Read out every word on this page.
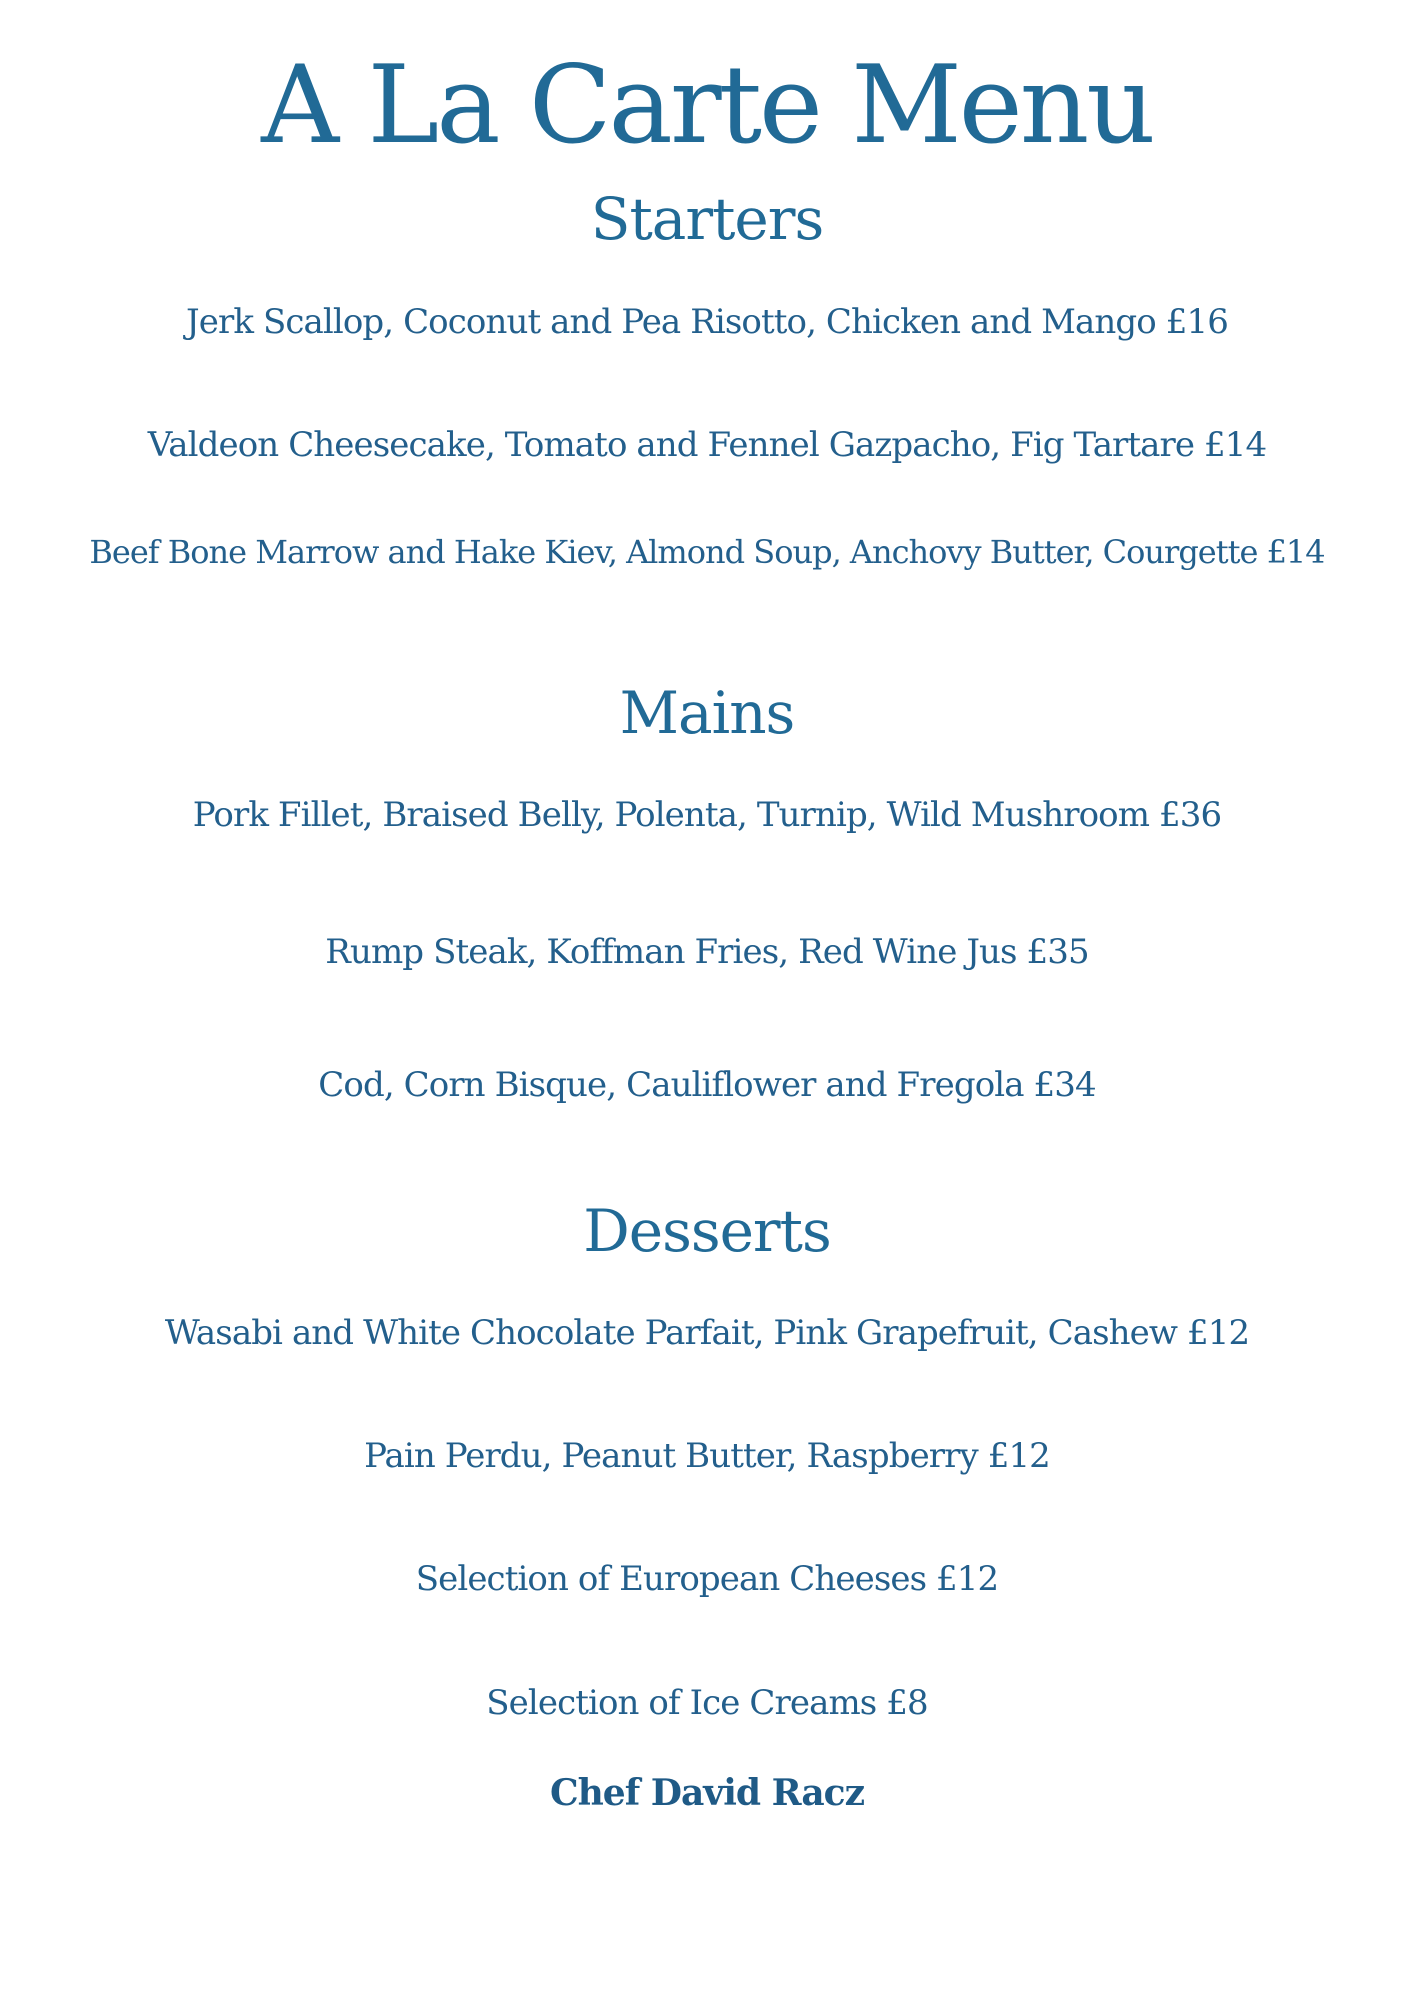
A La Carte Menu
Starters
Jerk Scallop, Coconut and Pea Risotto, Chicken and Mango £16
Valdeon Cheesecake, Tomato and Fennel Gazpacho, Fig Tartare £14
Beef Bone Marrow and Hake Kiev, Almond Soup, Anchovy Butter, Courgette £14
Mains
Pork Fillet, Braised Belly, Polenta, Turnip, Wild Mushroom £36
Rump Steak, Koffman Fries, Red Wine Jus £35
Cod, Corn Bisque, Cauliflower and Fregola £34
Desserts
Wasabi and White Chocolate Parfait, Pink Grapefruit, Cashew £12
Pain Perdu, Peanut Butter, Raspberry £12
Selection of European Cheeses £12
Selection of Ice Creams £8
Chef David Racz
